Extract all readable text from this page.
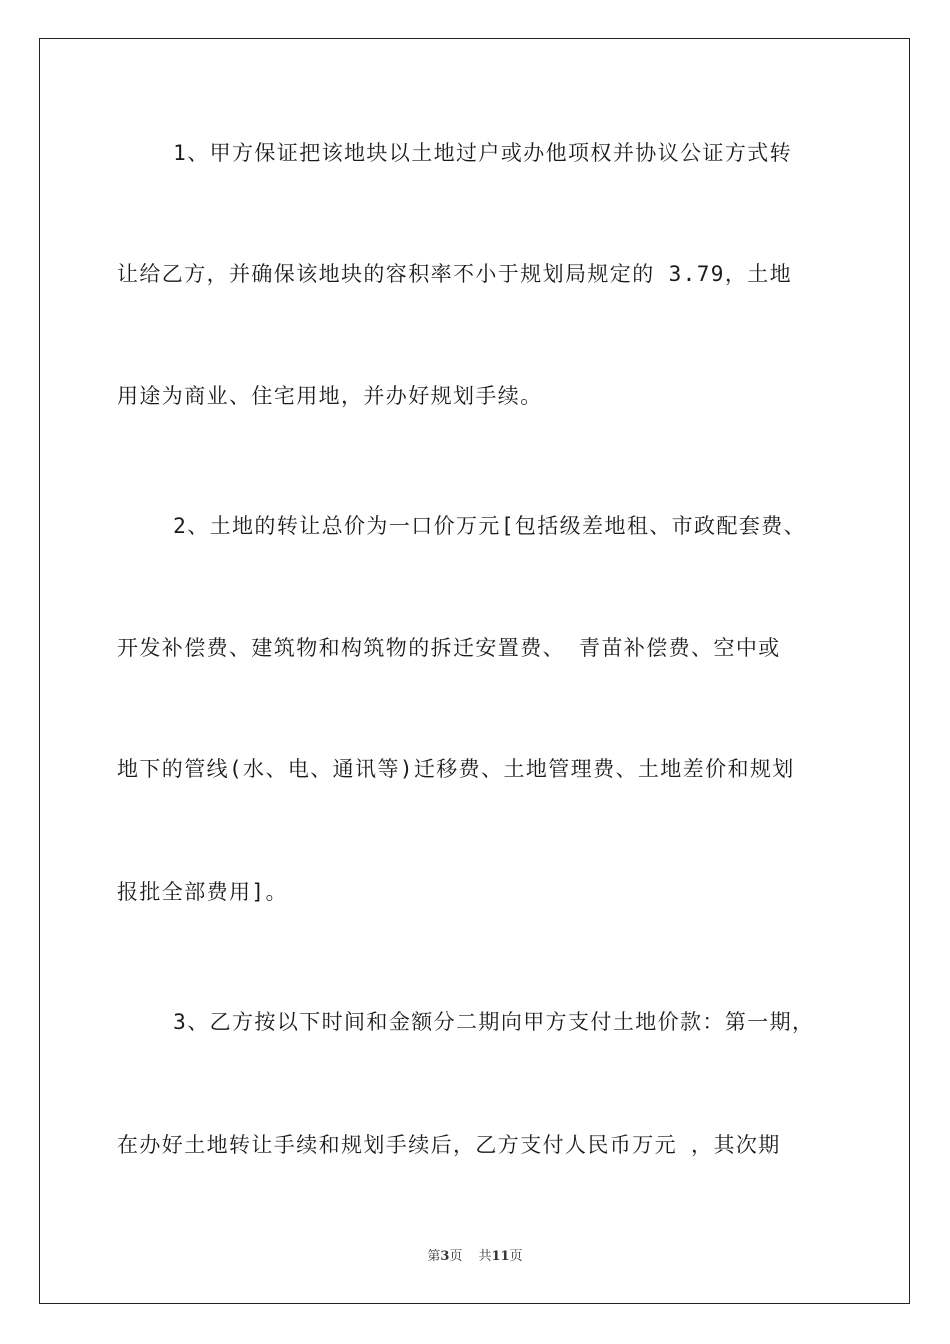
1、甲方保证把该地块以土地过户或办他项权并协议公证方式转
让给乙方，并确保该地块的容积率不小于规划局规定的 3.79，土地
用途为商业、住宅用地，并办好规划手续。
2、土地的转让总价为一口价万元[包括级差地租、市政配套费、
开发补偿费、建筑物和构筑物的拆迁安置费、 青苗补偿费、空中或
地下的管线(水、电、通讯等)迁移费、土地管理费、土地差价和规划
报批全部费用]。
3、乙方按以下时间和金额分二期向甲方支付土地价款：第一期，
在办好土地转让手续和规划手续后，乙方支付人民币万元 ，其次期
第3页 共11页
